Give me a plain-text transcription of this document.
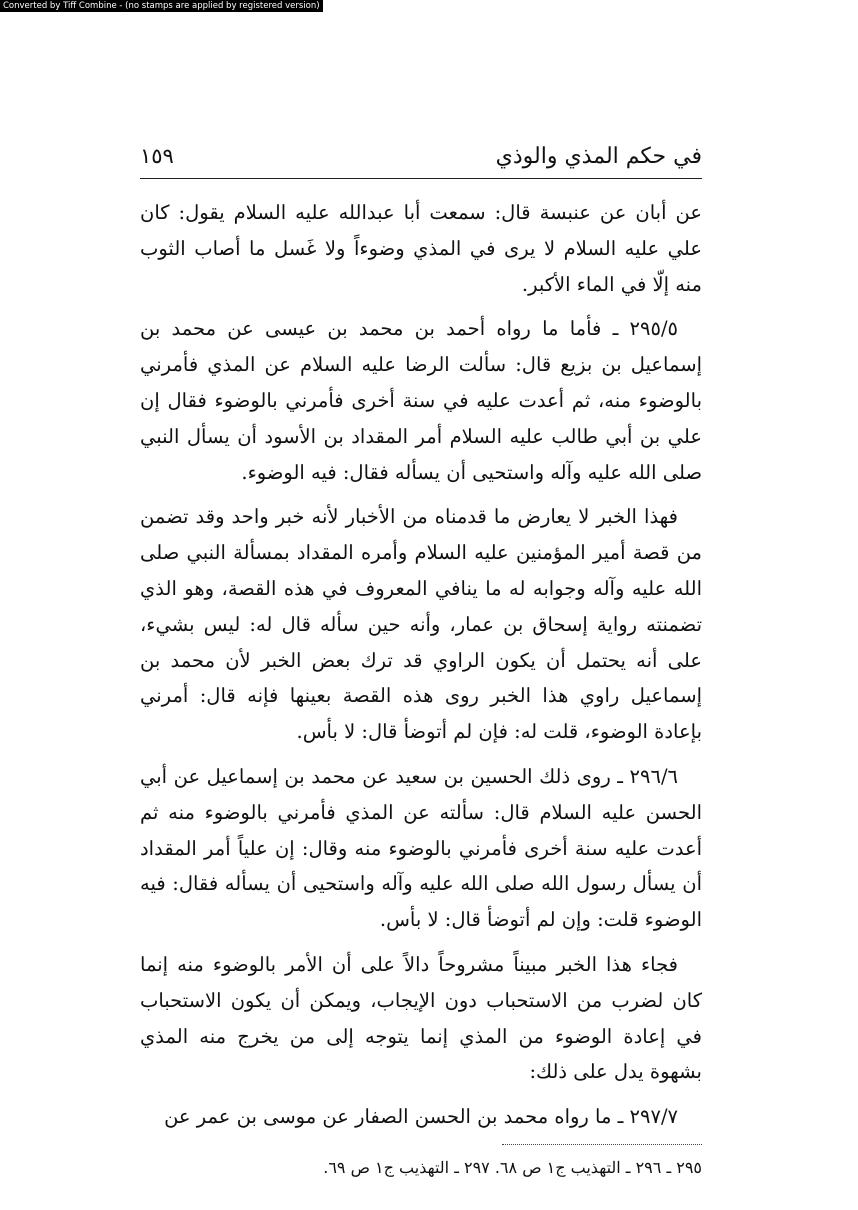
Converted by Tiff Combine - (no stamps are applied by registered version)
في حكم المذي والوذي
١٥٩

عن أبان عن عنبسة قال: سمعت أبا عبدالله عليه السلام يقول: كان علي عليه السلام لا يرى في المذي وضوءاً ولا غَسل ما أصاب الثوب منه إلّا في الماء الأكبر.

٢٩٥/٥ ـ فأما ما رواه أحمد بن محمد بن عيسى عن محمد بن إسماعيل بن بزيع قال: سألت الرضا عليه السلام عن المذي فأمرني بالوضوء منه، ثم أعدت عليه في سنة أخرى فأمرني بالوضوء فقال إن علي بن أبي طالب عليه السلام أمر المقداد بن الأسود أن يسأل النبي صلى الله عليه وآله واستحيى أن يسأله فقال: فيه الوضوء.

فهذا الخبر لا يعارض ما قدمناه من الأخبار لأنه خبر واحد وقد تضمن من قصة أمير المؤمنين عليه السلام وأمره المقداد بمسألة النبي صلى الله عليه وآله وجوابه له ما ينافي المعروف في هذه القصة، وهو الذي تضمنته رواية إسحاق بن عمار، وأنه حين سأله قال له: ليس بشيء، على أنه يحتمل أن يكون الراوي قد ترك بعض الخبر لأن محمد بن إسماعيل راوي هذا الخبر روى هذه القصة بعينها فإنه قال: أمرني بإعادة الوضوء، قلت له: فإن لم أتوضأ قال: لا بأس.

٢٩٦/٦ ـ روى ذلك الحسين بن سعيد عن محمد بن إسماعيل عن أبي الحسن عليه السلام قال: سألته عن المذي فأمرني بالوضوء منه ثم أعدت عليه سنة أخرى فأمرني بالوضوء منه وقال: إن علياً أمر المقداد أن يسأل رسول الله صلى الله عليه وآله واستحيى أن يسأله فقال: فيه الوضوء قلت: وإن لم أتوضأ قال: لا بأس.

فجاء هذا الخبر مبيناً مشروحاً دالاً على أن الأمر بالوضوء منه إنما كان لضرب من الاستحباب دون الإيجاب، ويمكن أن يكون الاستحباب في إعادة الوضوء من المذي إنما يتوجه إلى من يخرج منه المذي بشهوة يدل على ذلك:

٢٩٧/٧ ـ ما رواه محمد بن الحسن الصفار عن موسى بن عمر عن

٢٩٥ ـ ٢٩٦ ـ التهذيب ج١ ص ٦٨. ٢٩٧ ـ التهذيب ج١ ص ٦٩.
